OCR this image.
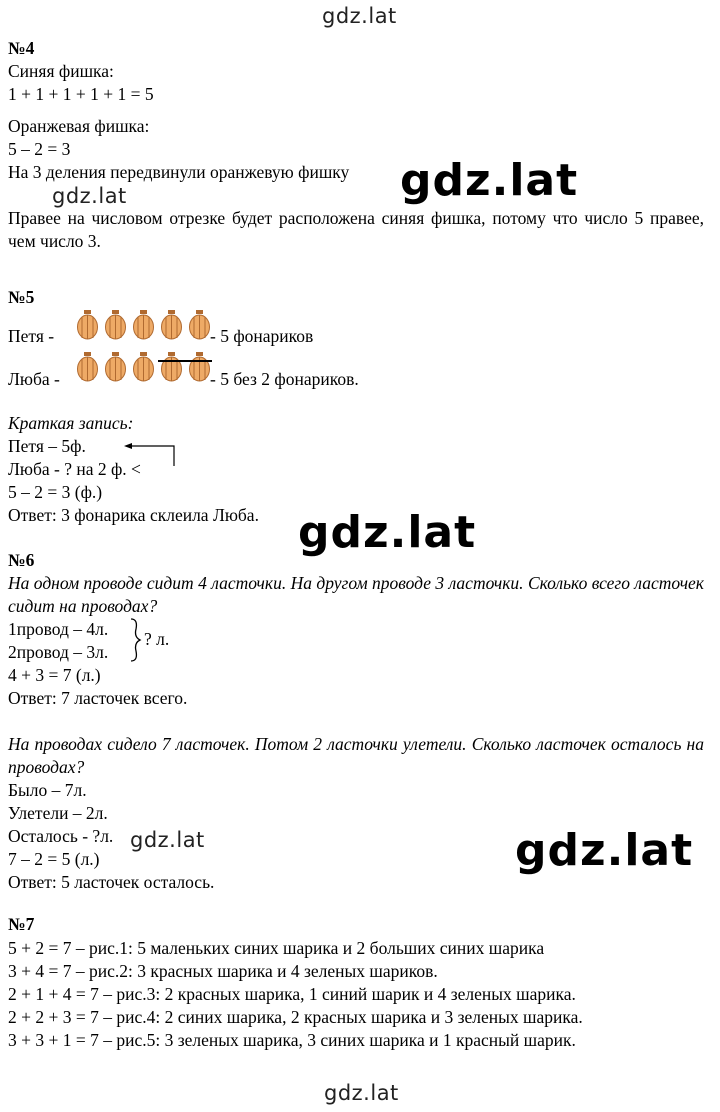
gdz.lat
gdz.lat
gdz.lat
gdz.lat
gdz.lat	gdz.lat
gdz.lat
№4
Синяя фишка:
1 + 1 + 1 + 1 + 1 = 5
Оранжевая фишка:
5 – 2 = 3
На 3 деления передвинули оранжевую фишку
Правее на числовом отрезке будет расположена синяя фишка, потому что число 5 правее, чем число 3.
№5
Петя -	- 5 фонариков
Люба -	- 5 без 2 фонариков.
Краткая запись:
Петя – 5ф.
Люба - ? на 2 ф. <
5 – 2 = 3 (ф.)
Ответ: 3 фонарика склеила Люба.
№6
На одном проводе сидит 4 ласточки. На другом проводе 3 ласточки. Сколько всего ласточек сидит на проводах?
1провод – 4л.
2провод – 3л.
? л.
4 + 3 = 7 (л.)
Ответ: 7 ласточек всего.
На проводах сидело 7 ласточек. Потом 2 ласточки улетели. Сколько ласточек осталось на проводах?
Было – 7л.
Улетели – 2л.
Осталось - ?л.
7 – 2 = 5 (л.)
Ответ: 5 ласточек осталось.
№7
5 + 2 = 7 – рис.1: 5 маленьких синих шарика и 2 больших синих шарика
3 + 4 = 7 – рис.2: 3 красных шарика и 4 зеленых шариков.
2 + 1 + 4 = 7 – рис.3: 2 красных шарика, 1 синий шарик и 4 зеленых шарика.
2 + 2 + 3 = 7 – рис.4: 2 синих шарика, 2 красных шарика и 3 зеленых шарика.
3 + 3 + 1 = 7 – рис.5: 3 зеленых шарика, 3 синих шарика и 1 красный шарик.
